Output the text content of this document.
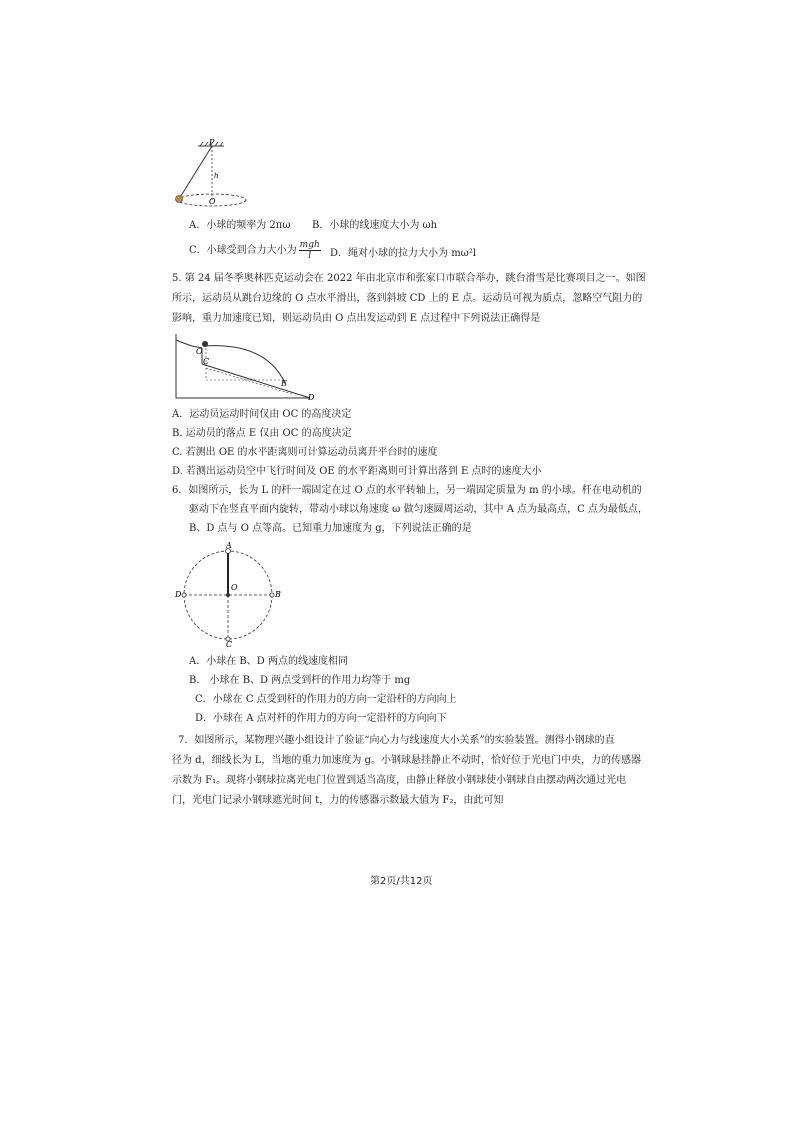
P
h
O
A．小球的频率为 2πω B．小球的线速度大小为 ωh
C．小球受到合力大小为 $\frac{\text{mgh}}{l}$ D．绳对小球的拉力大小为 mω²l
5. 第 24 届冬季奥林匹克运动会在 2022 年由北京市和张家口市联合举办，跳台滑雪是比赛项目之一。如图
所示，运动员从跳台边缘的 O 点水平滑出，落到斜坡 CD 上的 E 点。运动员可视为质点，忽略空气阻力的
影响，重力加速度已知，则运动员由 O 点出发运动到 E 点过程中下列说法正确得是
O
C
E
D
A．运动员运动时间仅由 OC 的高度决定
B. 运动员的落点 E 仅由 OC 的高度决定
C. 若测出 OE 的水平距离则可计算运动员离开平台时的速度
D. 若测出运动员空中飞行时间及 OE 的水平距离则可计算出落到 E 点时的速度大小
6．如图所示，长为 L 的杆一端固定在过 O 点的水平转轴上，另一端固定质量为 m 的小球。杆在电动机的
驱动下在竖直平面内旋转，带动小球以角速度 ω 做匀速圆周运动，其中 A 点为最高点，C 点为最低点，
B、D 点与 O 点等高。已知重力加速度为 g，下列说法正确的是
A
O
D	B
C
A．小球在 B、D 两点的线速度相同
B． 小球在 B、D 两点受到杆的作用力均等于 mg
C．小球在 C 点受到杆的作用力的方向一定沿杆的方向向上
D．小球在 A 点对杆的作用力的方向一定沿杆的方向向下
7．如图所示，某物理兴趣小组设计了验证“向心力与线速度大小关系”的实验装置。测得小钢球的直
径为 d，细线长为 L，当地的重力加速度为 g。小钢球悬挂静止不动时，恰好位于光电门中央，力的传感器
示数为 F₁。现将小钢球拉离光电门位置到适当高度，由静止释放小钢球使小钢球自由摆动两次通过光电
门，光电门记录小钢球遮光时间 t，力的传感器示数最大值为 F₂，由此可知
第2页/共12页
